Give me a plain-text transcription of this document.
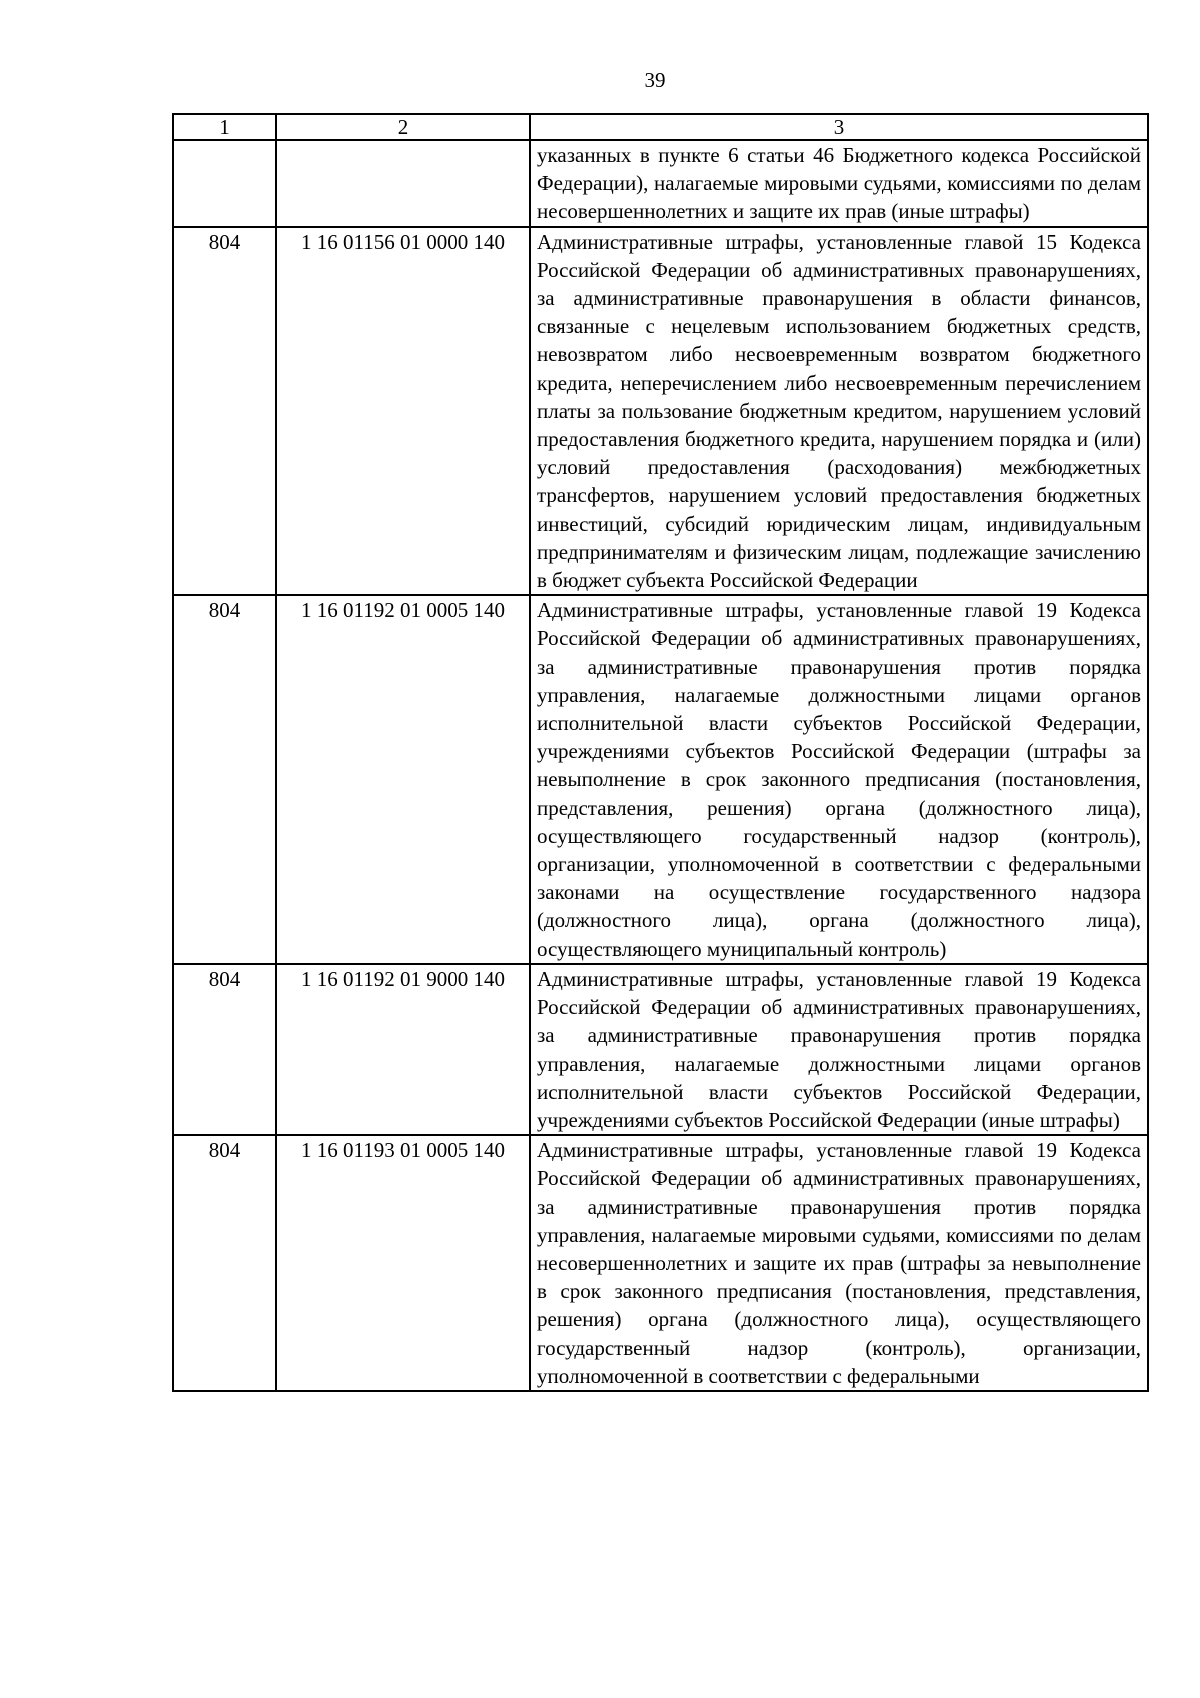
39
1	2	3
		указанных в пункте 6 статьи 46 Бюджетного кодекса Российской Федерации), налагаемые мировыми судьями, комиссиями по делам несовершеннолетних и защите их прав (иные штрафы)
804	1 16 01156 01 0000 140	Административные штрафы, установленные главой 15 Кодекса Российской Федерации об административных правонарушениях, за административные правонарушения в области финансов, связанные с нецелевым использованием бюджетных средств, невозвратом либо несвоевременным возвратом бюджетного кредита, неперечислением либо несвоевременным перечислением платы за пользование бюджетным кредитом, нарушением условий предоставления бюджетного кредита, нарушением порядка и (или) условий предоставления (расходования) межбюджетных трансфертов, нарушением условий предоставления бюджетных инвестиций, субсидий юридическим лицам, индивидуальным предпринимателям и физическим лицам, подлежащие зачислению в бюджет субъекта Российской Федерации
804	1 16 01192 01 0005 140	Административные штрафы, установленные главой 19 Кодекса Российской Федерации об административных правонарушениях, за административные правонарушения против порядка управления, налагаемые должностными лицами органов исполнительной власти субъектов Российской Федерации, учреждениями субъектов Российской Федерации (штрафы за невыполнение в срок законного предписания (постановления, представления, решения) органа (должностного лица), осуществляющего государственный надзор (контроль), организации, уполномоченной в соответствии с федеральными законами на осуществление государственного надзора (должностного лица), органа (должностного лица), осуществляющего муниципальный контроль)
804	1 16 01192 01 9000 140	Административные штрафы, установленные главой 19 Кодекса Российской Федерации об административных правонарушениях, за административные правонарушения против порядка управления, налагаемые должностными лицами органов исполнительной власти субъектов Российской Федерации, учреждениями субъектов Российской Федерации (иные штрафы)
804	1 16 01193 01 0005 140	Административные штрафы, установленные главой 19 Кодекса Российской Федерации об административных правонарушениях, за административные правонарушения против порядка управления, налагаемые мировыми судьями, комиссиями по делам несовершеннолетних и защите их прав (штрафы за невыполнение в срок законного предписания (постановления, представления, решения) органа (должностного лица), осуществляющего государственный надзор (контроль), организации, уполномоченной в соответствии с федеральными
